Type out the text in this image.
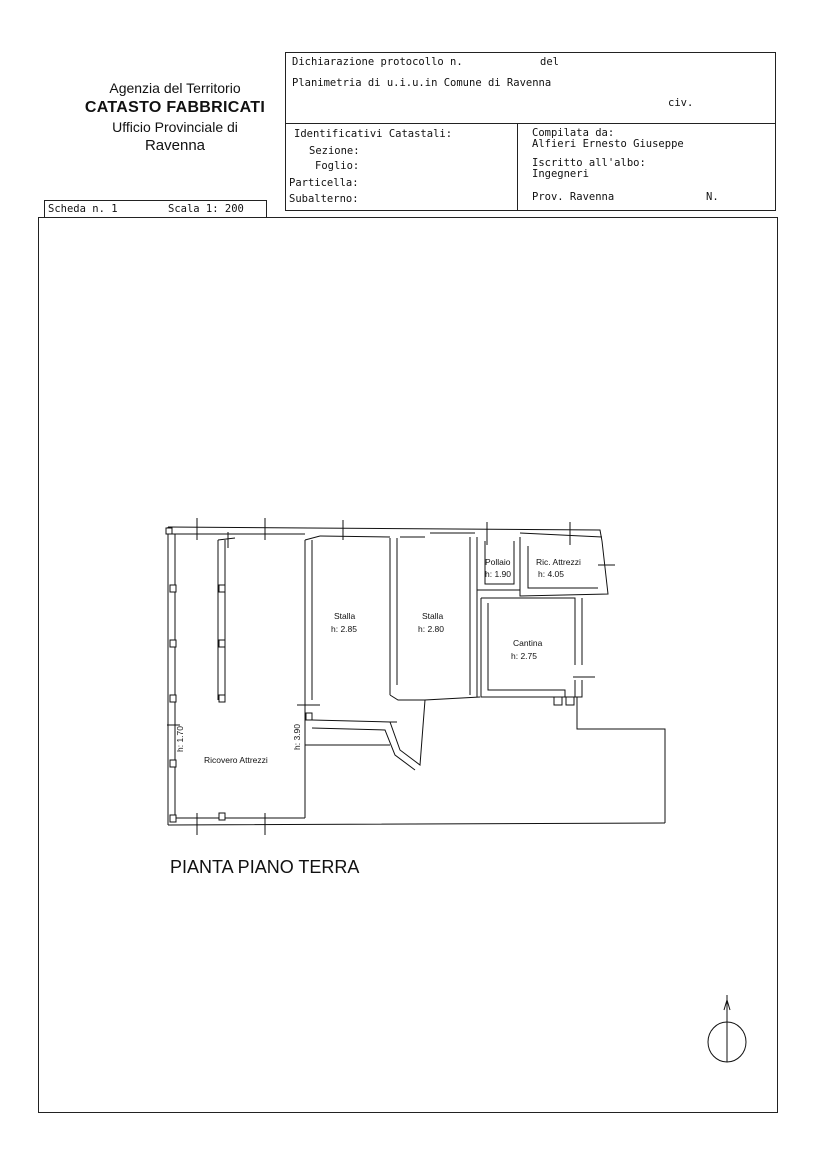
Agenzia del Territorio
CATASTO FABBRICATI
Ufficio Provinciale di
Ravenna
Dichiarazione protocollo n.	del
Planimetria di u.i.u.in Comune di Ravenna
civ.
Identificativi Catastali:
Sezione:
Foglio:
Particella:
Subalterno:
Compilata da:
Alfieri Ernesto Giuseppe
Iscritto all'albo:
Ingegneri
Prov. Ravenna	N.
Scheda n. 1	Scala 1: 200
Pollaio
h: 1.90
Ric. Attrezzi
h: 4.05
Stalla
h: 2.85
Stalla
h: 2.80
Cantina
h: 2.75
Ricovero Attrezzi
h: 1.70	h: 3.90
PIANTA PIANO TERRA
